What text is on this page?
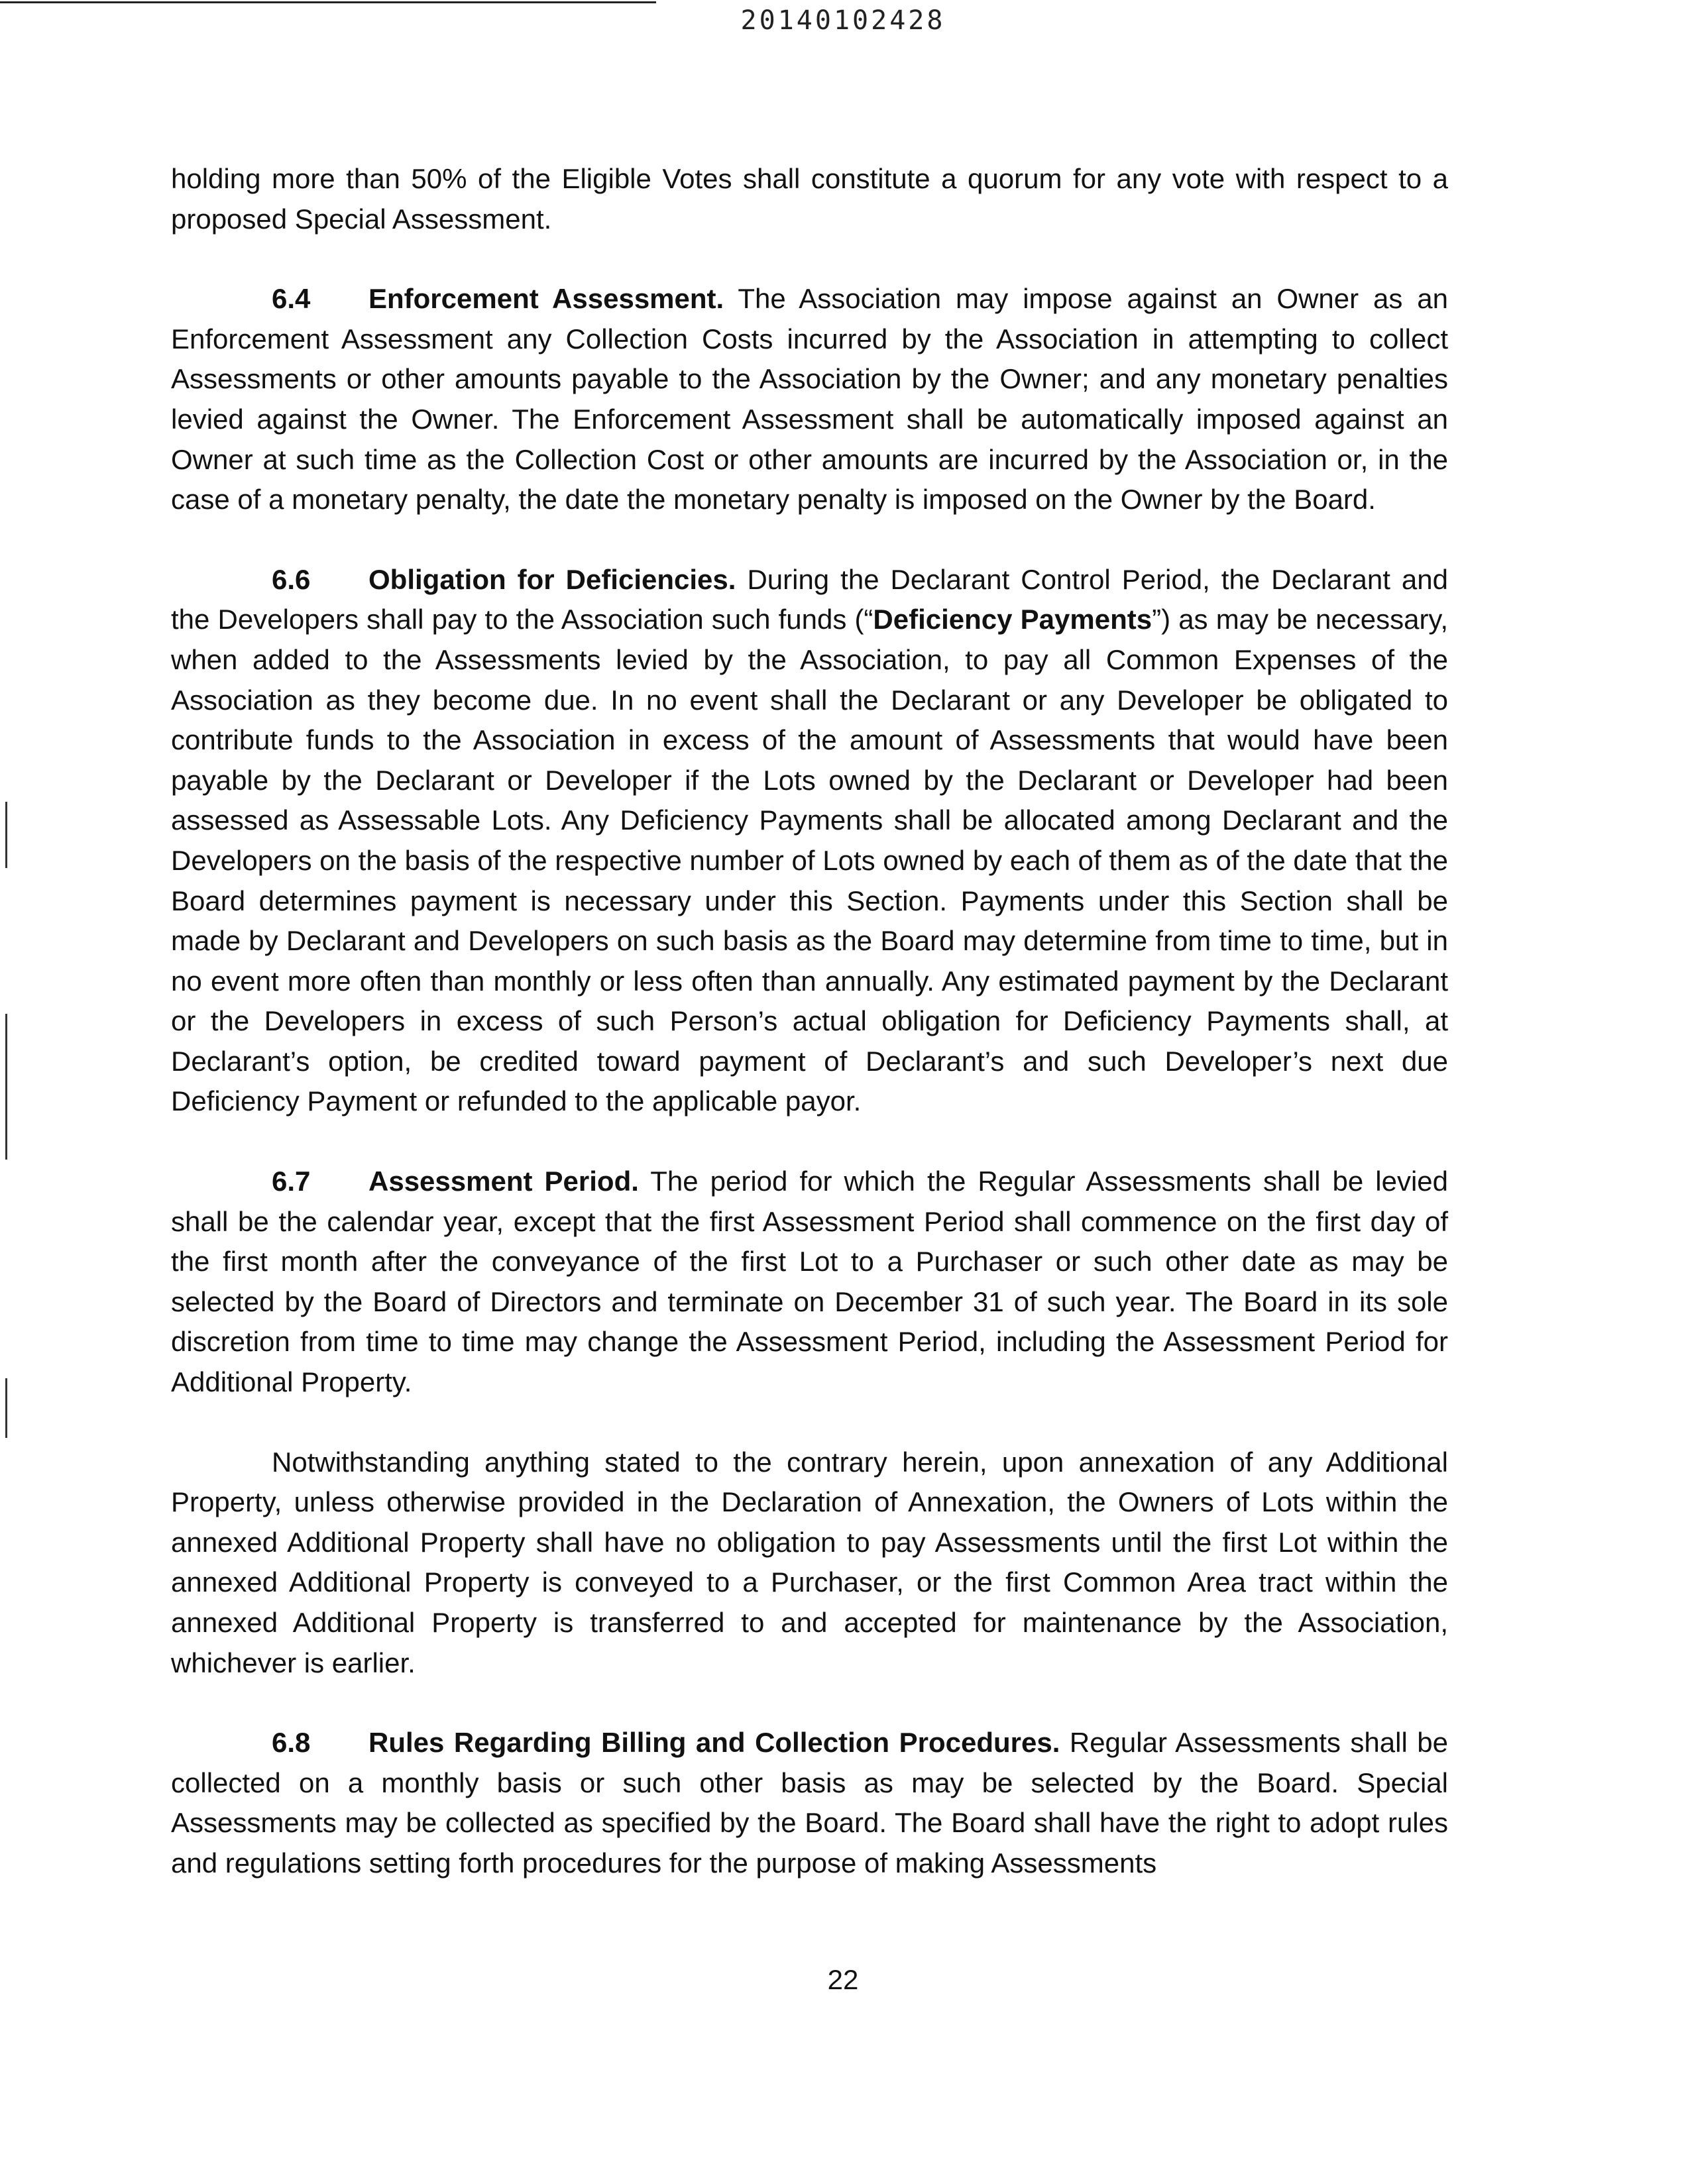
20140102428

holding more than 50% of the Eligible Votes shall constitute a quorum for any vote with respect to a proposed Special Assessment.

6.4 Enforcement Assessment. The Association may impose against an Owner as an Enforcement Assessment any Collection Costs incurred by the Association in attempting to collect Assessments or other amounts payable to the Association by the Owner; and any monetary penalties levied against the Owner. The Enforcement Assessment shall be automatically imposed against an Owner at such time as the Collection Cost or other amounts are incurred by the Association or, in the case of a monetary penalty, the date the monetary penalty is imposed on the Owner by the Board.

6.6 Obligation for Deficiencies. During the Declarant Control Period, the Declarant and the Developers shall pay to the Association such funds (“Deficiency Payments”) as may be necessary, when added to the Assessments levied by the Association, to pay all Common Expenses of the Association as they become due. In no event shall the Declarant or any Developer be obligated to contribute funds to the Association in excess of the amount of Assessments that would have been payable by the Declarant or Developer if the Lots owned by the Declarant or Developer had been assessed as Assessable Lots. Any Deficiency Payments shall be allocated among Declarant and the Developers on the basis of the respective number of Lots owned by each of them as of the date that the Board determines payment is necessary under this Section. Payments under this Section shall be made by Declarant and Developers on such basis as the Board may determine from time to time, but in no event more often than monthly or less often than annually. Any estimated payment by the Declarant or the Developers in excess of such Person’s actual obligation for Deficiency Payments shall, at Declarant’s option, be credited toward payment of Declarant’s and such Developer’s next due Deficiency Payment or refunded to the applicable payor.

6.7 Assessment Period. The period for which the Regular Assessments shall be levied shall be the calendar year, except that the first Assessment Period shall commence on the first day of the first month after the conveyance of the first Lot to a Purchaser or such other date as may be selected by the Board of Directors and terminate on December 31 of such year. The Board in its sole discretion from time to time may change the Assessment Period, including the Assessment Period for Additional Property.

Notwithstanding anything stated to the contrary herein, upon annexation of any Additional Property, unless otherwise provided in the Declaration of Annexation, the Owners of Lots within the annexed Additional Property shall have no obligation to pay Assessments until the first Lot within the annexed Additional Property is conveyed to a Purchaser, or the first Common Area tract within the annexed Additional Property is transferred to and accepted for maintenance by the Association, whichever is earlier.

6.8 Rules Regarding Billing and Collection Procedures. Regular Assessments shall be collected on a monthly basis or such other basis as may be selected by the Board. Special Assessments may be collected as specified by the Board. The Board shall have the right to adopt rules and regulations setting forth procedures for the purpose of making Assessments

22
